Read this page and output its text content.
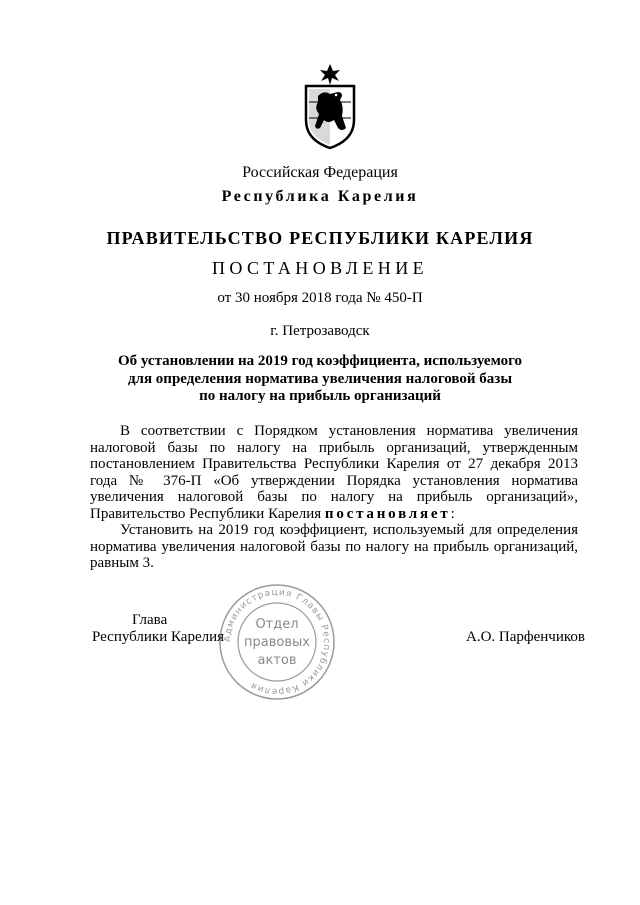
Российская Федерация
Республика Карелия
ПРАВИТЕЛЬСТВО РЕСПУБЛИКИ КАРЕЛИЯ
ПОСТАНОВЛЕНИЕ
от 30 ноября 2018 года № 450-П
г. Петрозаводск
Об установлении на 2019 год коэффициента, используемого
для определения норматива увеличения налоговой базы
по налогу на прибыль организаций

В соответствии с Порядком установления норматива увеличения налоговой базы по налогу на прибыль организаций, утвержденным постановлением Правительства Республики Карелия от 27 декабря 2013 года № 376-П «Об утверждении Порядка установления норматива увеличения налоговой базы по налогу на прибыль организаций», Правительство Республики Карелия постановляет:

Установить на 2019 год коэффициент, используемый для определения норматива увеличения налоговой базы по налогу на прибыль организаций, равным 3.

Администрация Главы Республики Карелия
Отдел
правовых
актов
Глава
Республики Карелия	А.О. Парфенчиков
